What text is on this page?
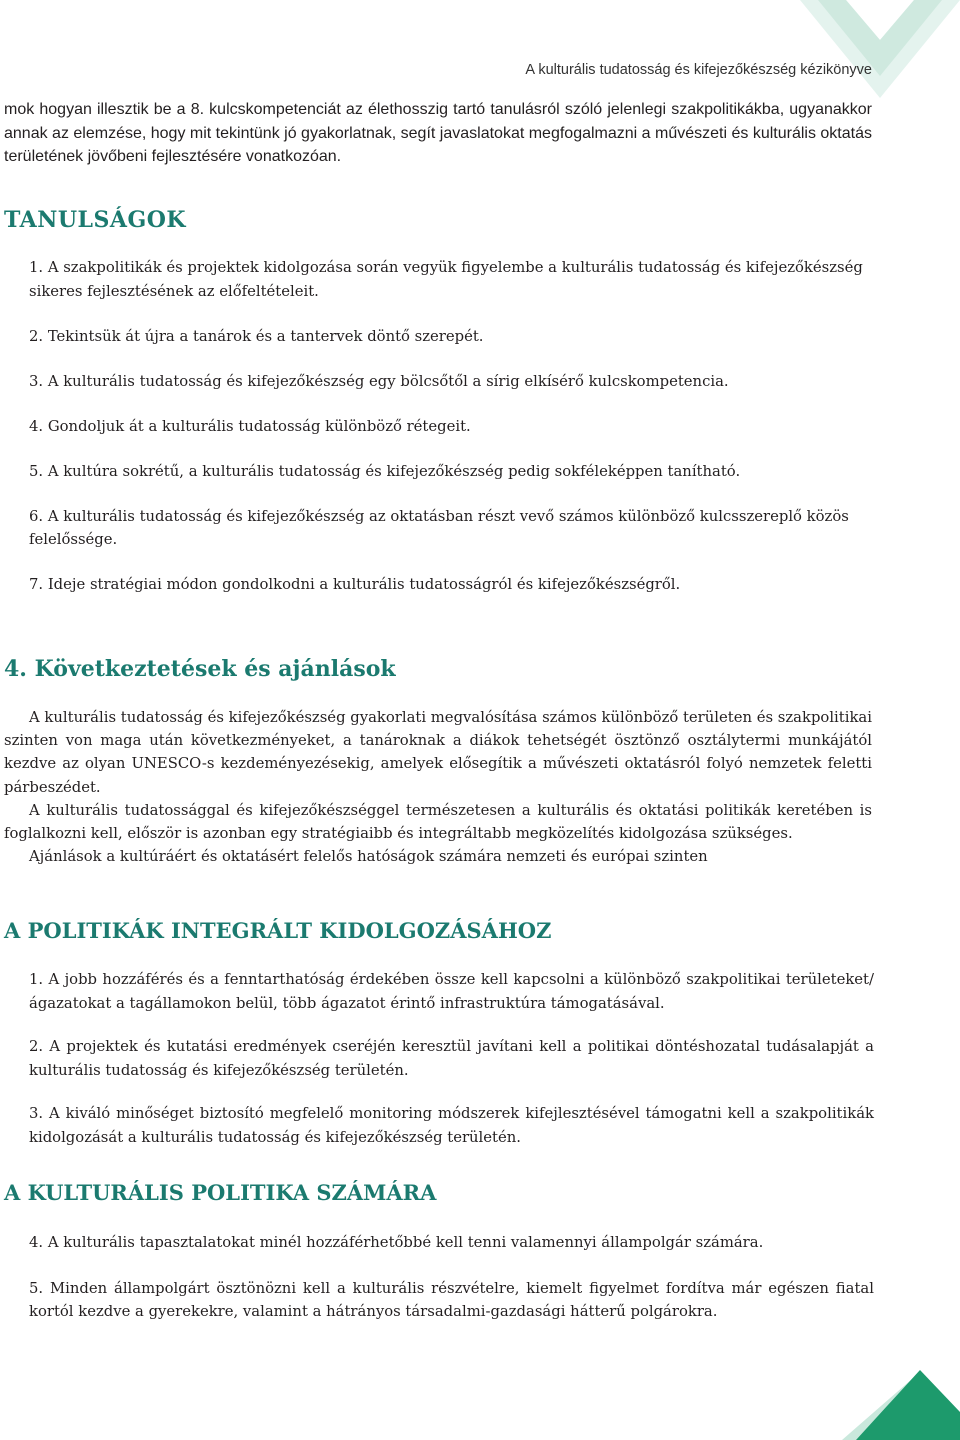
A kulturális tudatosság és kifejezőkészség kézikönyve

mok hogyan illesztik be a 8. kulcskompetenciát az élethosszig tartó tanulásról szóló jelenlegi szakpolitikákba, ugyanakkor annak az elemzése, hogy mit tekintünk jó gyakorlatnak, segít javaslatokat megfogalmazni a művészeti és kulturális oktatás területének jövőbeni fejlesztésére vonatkozóan.

TANULSÁGOK
1. A szakpolitikák és projektek kidolgozása során vegyük figyelembe a kulturális tudatosság és kifejezőkészség sikeres fejlesztésének az előfeltételeit.
2. Tekintsük át újra a tanárok és a tantervek döntő szerepét.
3. A kulturális tudatosság és kifejezőkészség egy bölcsőtől a sírig elkísérő kulcskompetencia.
4. Gondoljuk át a kulturális tudatosság különböző rétegeit.
5. A kultúra sokrétű, a kulturális tudatosság és kifejezőkészség pedig sokféleképpen tanítható.
6. A kulturális tudatosság és kifejezőkészség az oktatásban részt vevő számos különböző kulcsszereplő közös felelőssége.
7. Ideje stratégiai módon gondolkodni a kulturális tudatosságról és kifejezőkészségről.
4. Következtetések és ajánlások

A kulturális tudatosság és kifejezőkészség gyakorlati megvalósítása számos különböző területen és szakpolitikai szinten von maga után következményeket, a tanároknak a diákok tehetségét ösztönző osztálytermi munkájától kezdve az olyan UNESCO-s kezdeményezésekig, amelyek elősegítik a művészeti oktatásról folyó nemzetek feletti párbeszédet.

A kulturális tudatossággal és kifejezőkészséggel természetesen a kulturális és oktatási politikák keretében is foglalkozni kell, először is azonban egy stratégiaibb és integráltabb megközelítés kidolgozása szükséges.

Ajánlások a kultúráért és oktatásért felelős hatóságok számára nemzeti és európai szinten

A POLITIKÁK INTEGRÁLT KIDOLGOZÁSÁHOZ
1. A jobb hozzáférés és a fenntarthatóság érdekében össze kell kapcsolni a különböző szakpolitikai területeket/ágazatokat a tagállamokon belül, több ágazatot érintő infrastruktúra támogatásával.
2. A projektek és kutatási eredmények cseréjén keresztül javítani kell a politikai döntéshozatal tudásalapját a kulturális tudatosság és kifejezőkészség területén.
3. A kiváló minőséget biztosító megfelelő monitoring módszerek kifejlesztésével támogatni kell a szakpolitikák kidolgozását a kulturális tudatosság és kifejezőkészség területén.
A KULTURÁLIS POLITIKA SZÁMÁRA
4. A kulturális tapasztalatokat minél hozzáférhetőbbé kell tenni valamennyi állampolgár számára.
5. Minden állampolgárt ösztönözni kell a kulturális részvételre, kiemelt figyelmet fordítva már egészen fiatal kortól kezdve a gyerekekre, valamint a hátrányos társadalmi-gazdasági hátterű polgárokra.
9
